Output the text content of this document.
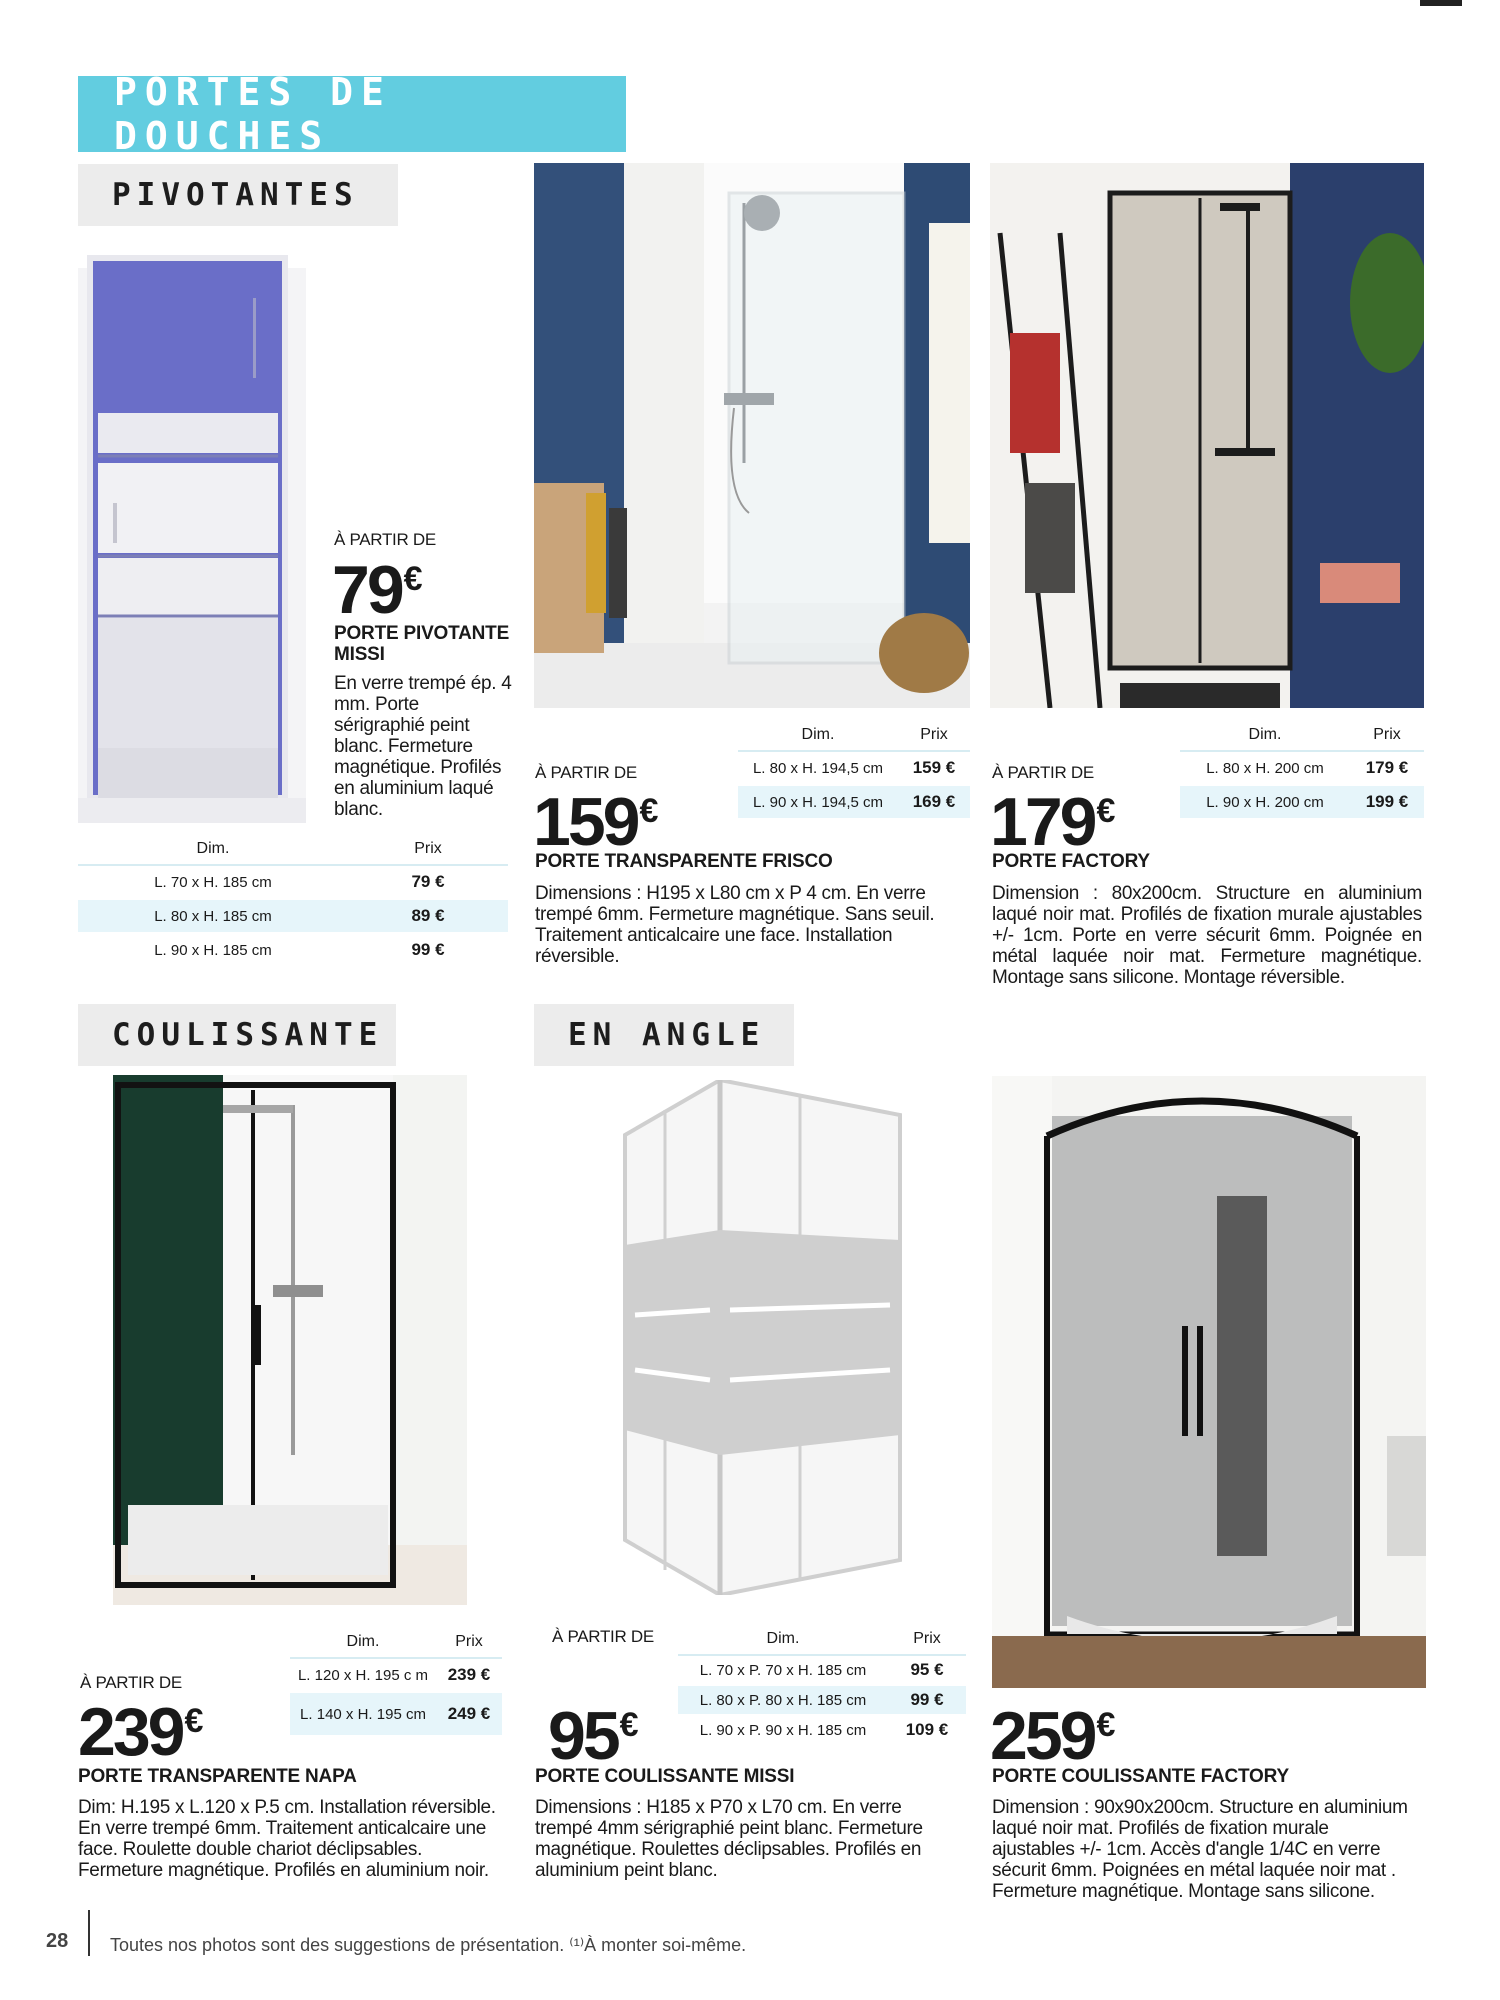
PORTES DE DOUCHES
PIVOTANTES
À PARTIR DE
79 €
PORTE PIVOTANTE MISSI
En verre trempé ép. 4 mm. Porte sérigraphié peint blanc. Fermeture magnétique. Profilés en aluminium laqué blanc.
Dim.	Prix
L. 70 x H. 185 cm	79 €
L. 80 x H. 185 cm	89 €
L. 90 x H. 185 cm	99 €
Dim.	Prix
L. 80 x H. 194,5 cm	159 €
L. 90 x H. 194,5 cm	169 €
À PARTIR DE
159 €
PORTE TRANSPARENTE FRISCO
Dimensions : H195 x L80 cm x P 4 cm. En verre trempé 6mm. Fermeture magnétique. Sans seuil. Traitement anticalcaire une face. Installation réversible.
Dim.	Prix
L. 80 x H. 200 cm	179 €
L. 90 x H. 200 cm	199 €
À PARTIR DE
179 €
PORTE FACTORY
Dimension : 80x200cm. Structure en aluminium laqué noir mat. Profilés de fixation murale ajustables +/- 1cm. Porte en verre sécurit 6mm. Poignée en métal laquée noir mat. Fermeture magnétique. Montage sans silicone. Montage réversible.
COULISSANTE	EN ANGLE
Dim.	Prix
L. 120 x H. 195 c m	239 €
L. 140 x H. 195 cm	249 €
À PARTIR DE
239 €
PORTE TRANSPARENTE NAPA
Dim: H.195 x L.120 x P.5 cm. Installation réversible. En verre trempé 6mm. Traitement anticalcaire une face. Roulette double chariot déclipsables. Fermeture magnétique. Profilés en aluminium noir.
À PARTIR DE	Dim.	Prix
L. 70 x P. 70 x H. 185 cm	95 €
L. 80 x P. 80 x H. 185 cm	99 €
L. 90 x P. 90 x H. 185 cm	109 €
95 €
PORTE COULISSANTE MISSI
Dimensions : H185 x P70 x L70 cm. En verre trempé 4mm sérigraphié peint blanc. Fermeture magnétique. Roulettes déclipsables. Profilés en aluminium peint blanc.
259 €
PORTE COULISSANTE FACTORY
Dimension : 90x90x200cm. Structure en aluminium laqué noir mat. Profilés de fixation murale ajustables +/- 1cm. Accès d'angle 1/4C en verre sécurit 6mm. Poignées en métal laquée noir mat . Fermeture magnétique. Montage sans silicone.
28 Toutes nos photos sont des suggestions de présentation. ⁽¹⁾À monter soi-même.
